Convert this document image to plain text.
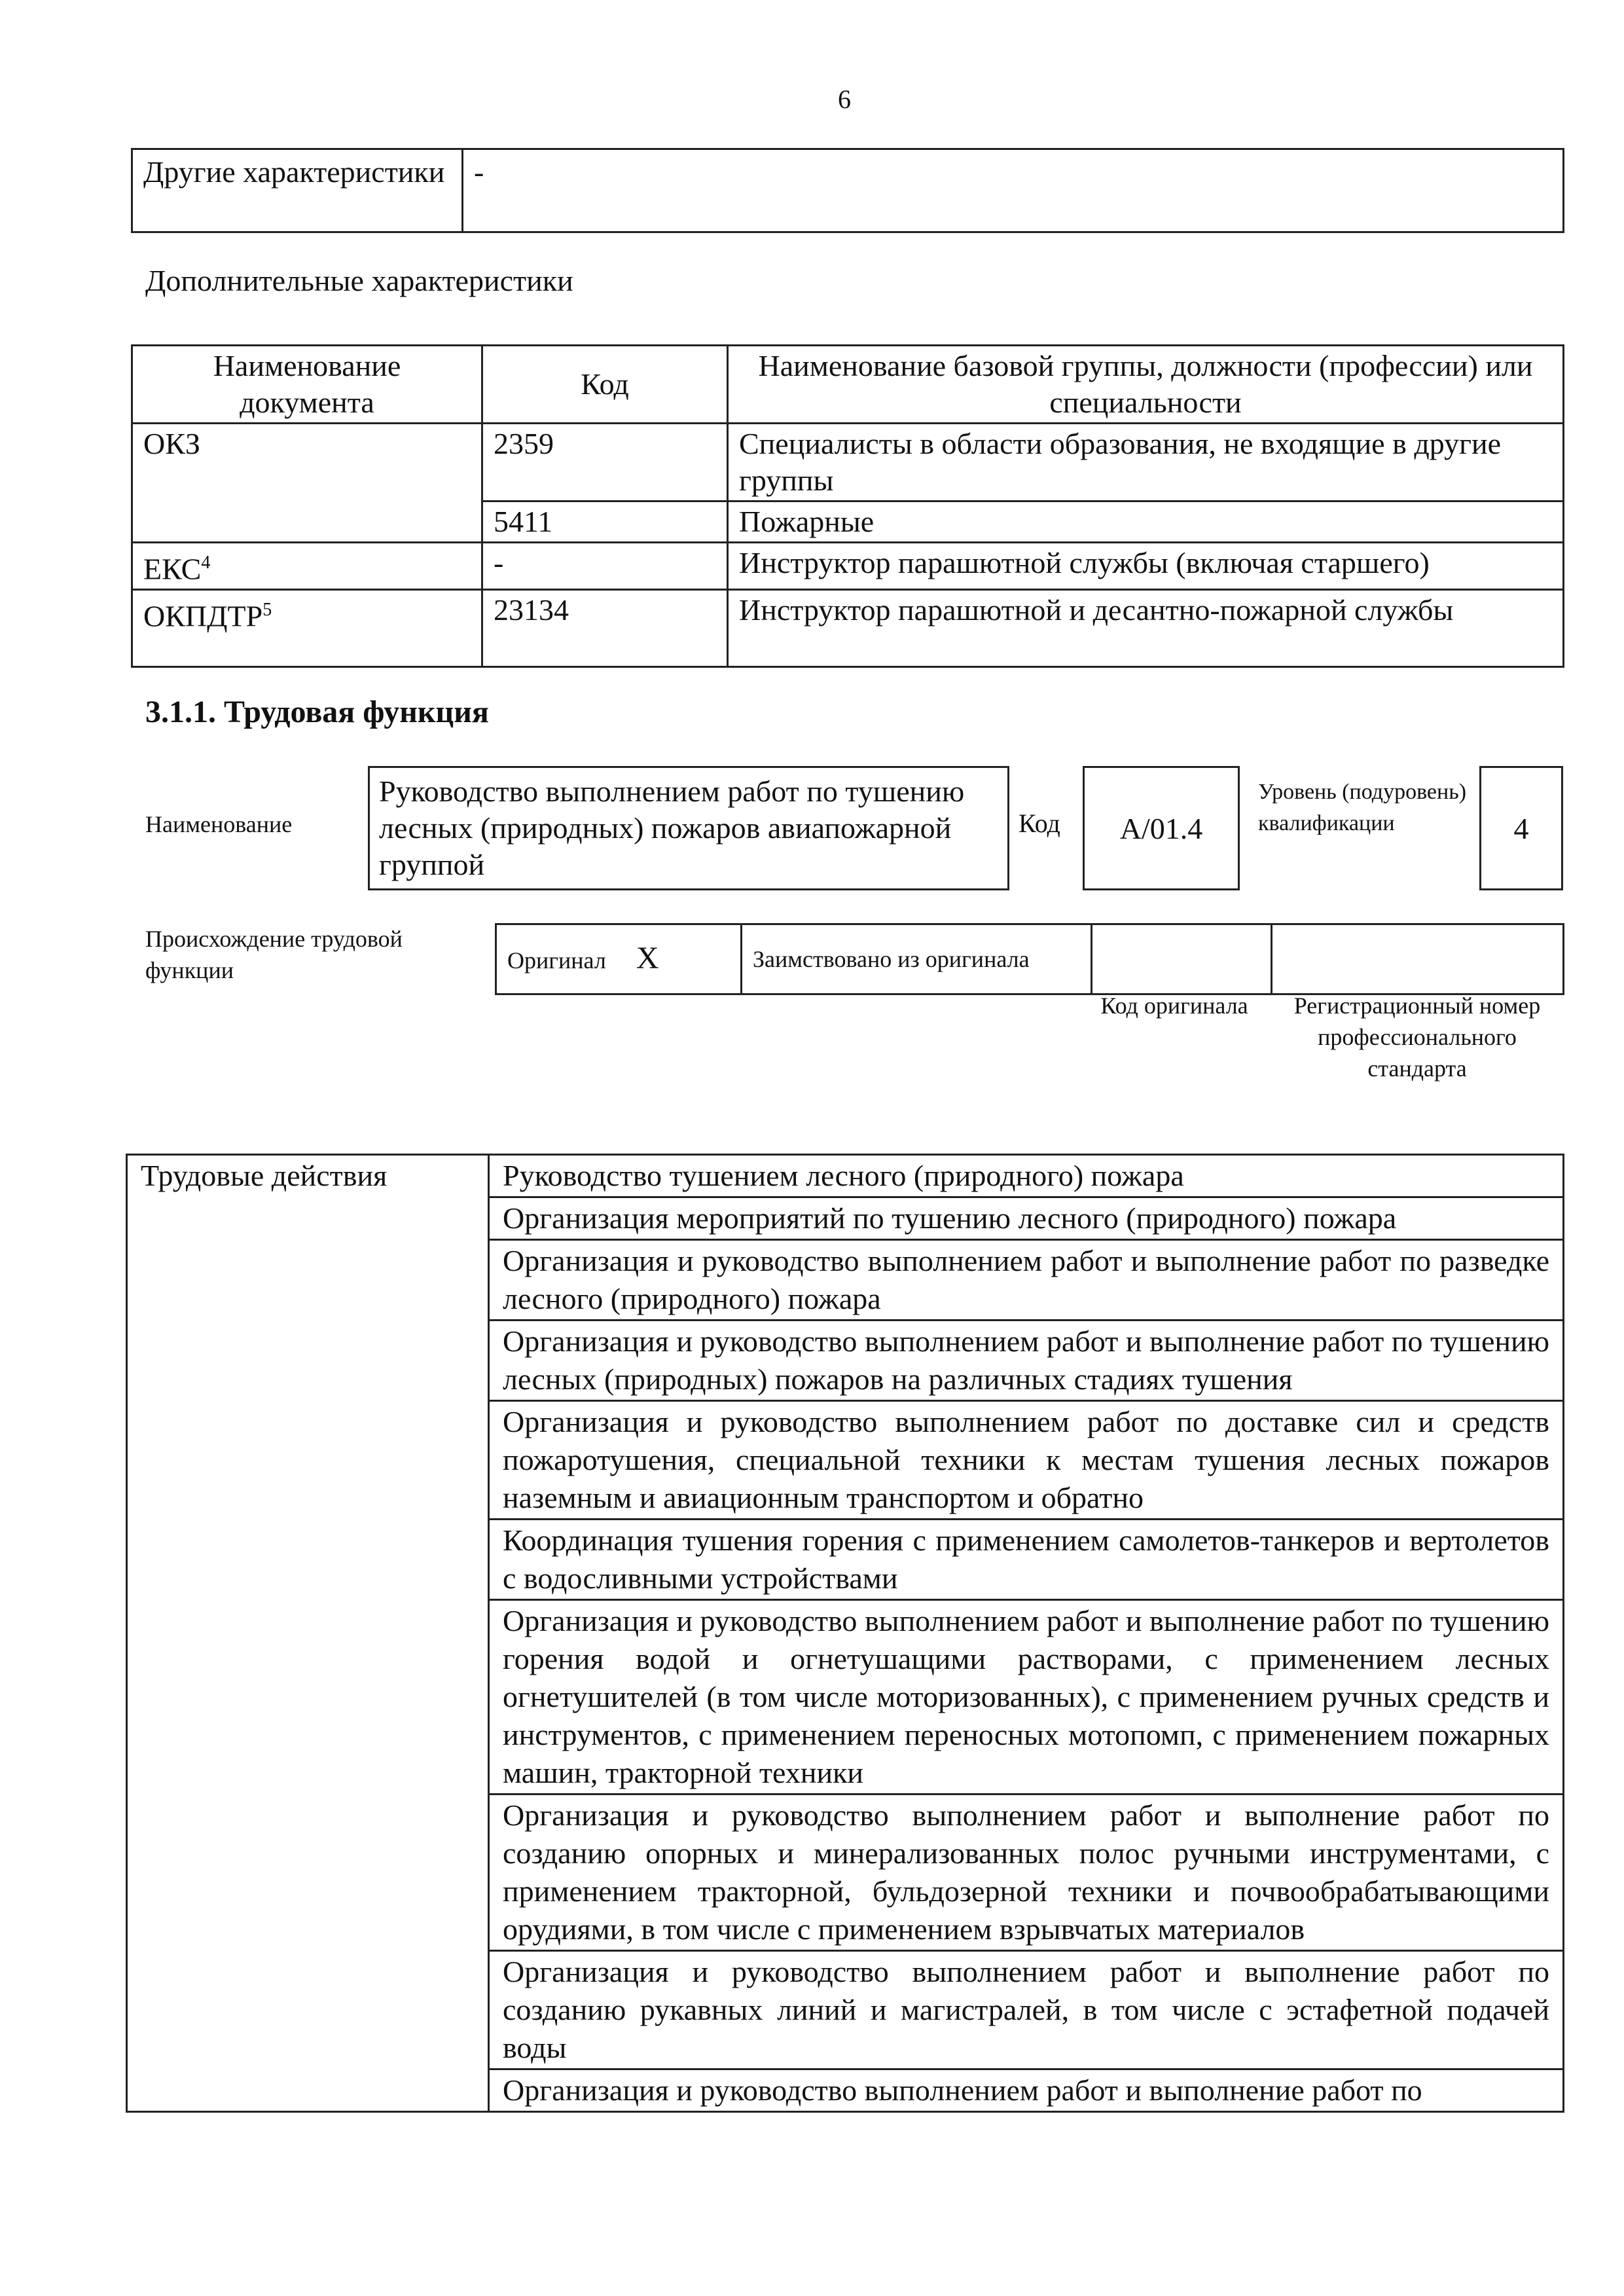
6
Другие характеристики	-
Дополнительные характеристики
Наименование документа	Код	Наименование базовой группы, должности (профессии) или специальности
ОКЗ	2359	Специалисты в области образования, не входящие в другие группы
	5411	Пожарные
ЕКС$^4$	-	Инструктор парашютной службы (включая старшего)
ОКПДТР$^5$	23134	Инструктор парашютной и десантно-пожарной службы
3.1.1. Трудовая функция
Наименование
Руководство выполнением работ по тушению лесных (природных) пожаров авиапожарной группой
Код	А/01.4
Уровень (подуровень) квалификации	4
Происхождение трудовой функции	Оригинал X	Заимствовано из оригинала		
Код оригинала	Регистрационный номер профессионального стандарта
Трудовые действия	Руководство тушением лесного (природного) пожара
Организация мероприятий по тушению лесного (природного) пожара
Организация и руководство выполнением работ и выполнение работ по разведке лесного (природного) пожара
Организация и руководство выполнением работ и выполнение работ по тушению лесных (природных) пожаров на различных стадиях тушения
Организация и руководство выполнением работ по доставке сил и средств пожаротушения, специальной техники к местам тушения лесных пожаров наземным и авиационным транспортом и обратно
Координация тушения горения с применением самолетов-танкеров и вертолетов с водосливными устройствами
Организация и руководство выполнением работ и выполнение работ по тушению горения водой и огнетушащими растворами, с применением лесных огнетушителей (в том числе моторизованных), с применением ручных средств и инструментов, с применением переносных мотопомп, с применением пожарных машин, тракторной техники
Организация и руководство выполнением работ и выполнение работ по созданию опорных и минерализованных полос ручными инструментами, с применением тракторной, бульдозерной техники и почвообрабатывающими орудиями, в том числе с применением взрывчатых материалов
Организация и руководство выполнением работ и выполнение работ по созданию рукавных линий и магистралей, в том числе с эстафетной подачей воды
Организация и руководство выполнением работ и выполнение работ по
